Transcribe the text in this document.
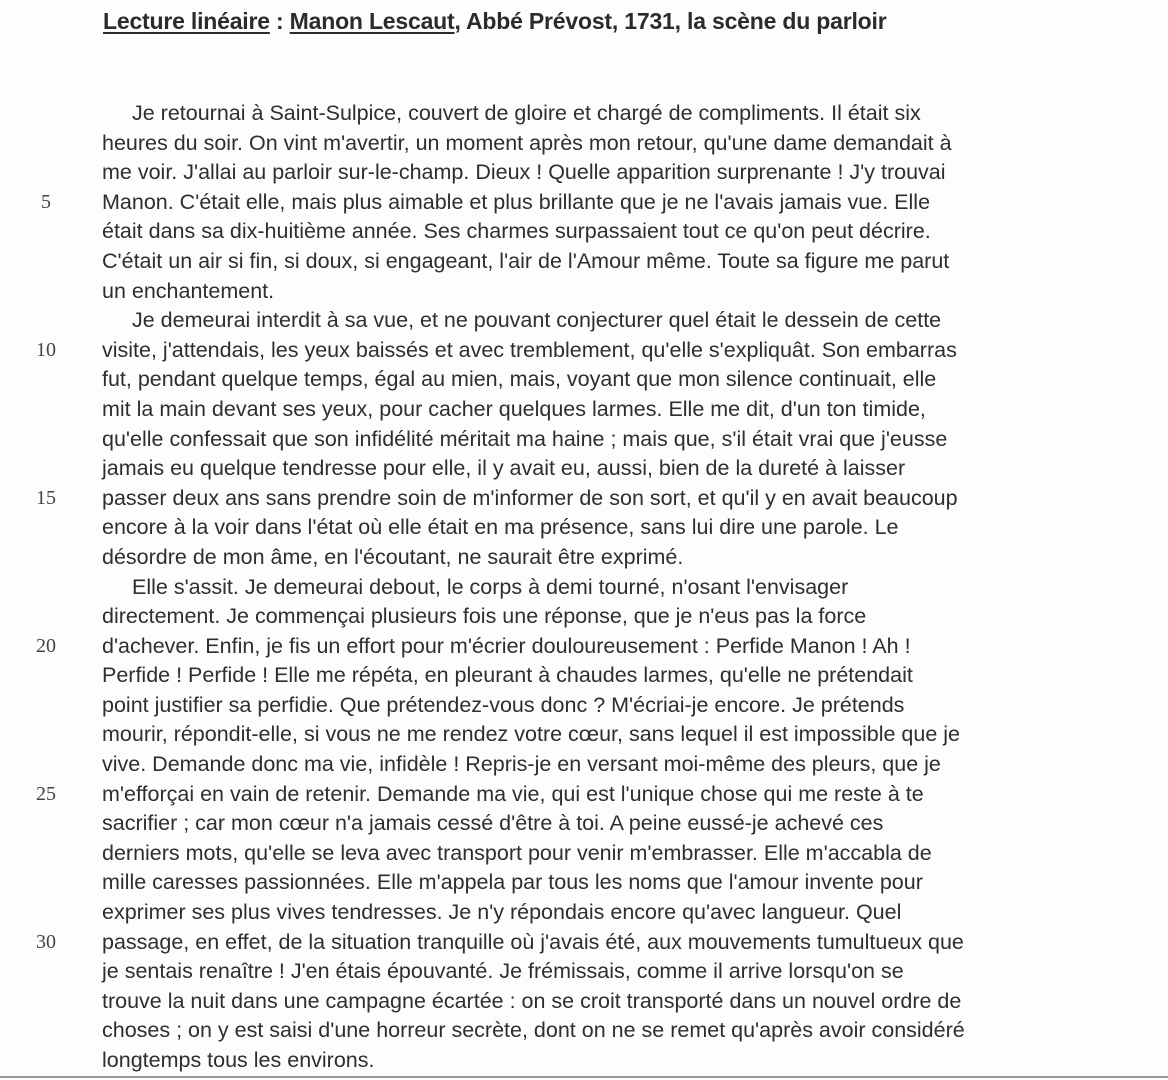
Lecture linéaire : Manon Lescaut, Abbé Prévost, 1731, la scène du parloir
Je retournai à Saint-Sulpice, couvert de gloire et chargé de compliments. Il était six
heures du soir. On vint m'avertir, un moment après mon retour, qu'une dame demandait à
me voir. J'allai au parloir sur-le-champ. Dieux ! Quelle apparition surprenante ! J'y trouvai
5	Manon. C'était elle, mais plus aimable et plus brillante que je ne l'avais jamais vue. Elle
était dans sa dix-huitième année. Ses charmes surpassaient tout ce qu'on peut décrire.
C'était un air si fin, si doux, si engageant, l'air de l'Amour même. Toute sa figure me parut
un enchantement.
Je demeurai interdit à sa vue, et ne pouvant conjecturer quel était le dessein de cette
10 visite, j'attendais, les yeux baissés et avec tremblement, qu'elle s'expliquât. Son embarras
fut, pendant quelque temps, égal au mien, mais, voyant que mon silence continuait, elle
mit la main devant ses yeux, pour cacher quelques larmes. Elle me dit, d'un ton timide,
qu'elle confessait que son infidélité méritait ma haine ; mais que, s'il était vrai que j'eusse
jamais eu quelque tendresse pour elle, il y avait eu, aussi, bien de la dureté à laisser
15 passer deux ans sans prendre soin de m'informer de son sort, et qu'il y en avait beaucoup
encore à la voir dans l'état où elle était en ma présence, sans lui dire une parole. Le
désordre de mon âme, en l'écoutant, ne saurait être exprimé.
Elle s'assit. Je demeurai debout, le corps à demi tourné, n'osant l'envisager
directement. Je commençai plusieurs fois une réponse, que je n'eus pas la force
20 d'achever. Enfin, je fis un effort pour m'écrier douloureusement : Perfide Manon ! Ah !
Perfide ! Perfide ! Elle me répéta, en pleurant à chaudes larmes, qu'elle ne prétendait
point justifier sa perfidie. Que prétendez-vous donc ? M'écriai-je encore. Je prétends
mourir, répondit-elle, si vous ne me rendez votre cœur, sans lequel il est impossible que je
vive. Demande donc ma vie, infidèle ! Repris-je en versant moi-même des pleurs, que je
25 m'efforçai en vain de retenir. Demande ma vie, qui est l'unique chose qui me reste à te
sacrifier ; car mon cœur n'a jamais cessé d'être à toi. A peine eussé-je achevé ces
derniers mots, qu'elle se leva avec transport pour venir m'embrasser. Elle m'accabla de
mille caresses passionnées. Elle m'appela par tous les noms que l'amour invente pour
exprimer ses plus vives tendresses. Je n'y répondais encore qu'avec langueur. Quel
30 passage, en effet, de la situation tranquille où j'avais été, aux mouvements tumultueux que
je sentais renaître ! J'en étais épouvanté. Je frémissais, comme il arrive lorsqu'on se
trouve la nuit dans une campagne écartée : on se croit transporté dans un nouvel ordre de
choses ; on y est saisi d'une horreur secrète, dont on ne se remet qu'après avoir considéré
longtemps tous les environs.
